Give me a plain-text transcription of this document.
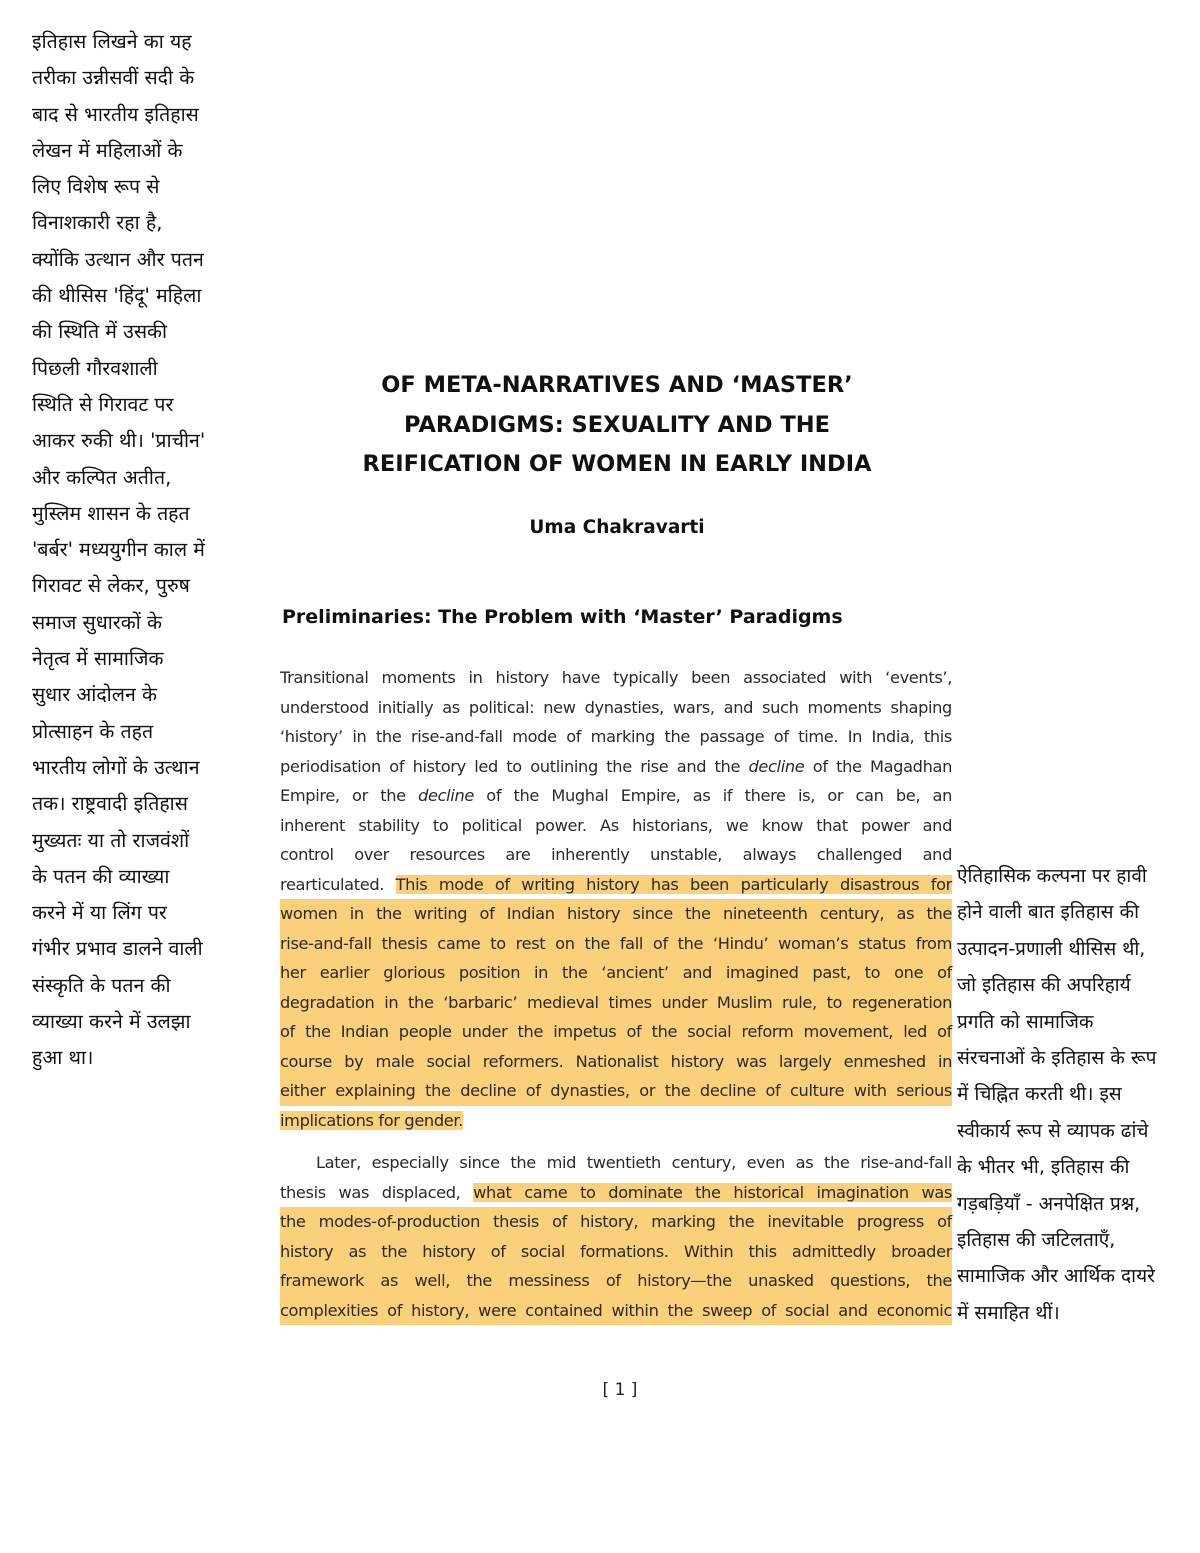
इतिहास लिखने का यह
तरीका उन्नीसवीं सदी के
बाद से भारतीय इतिहास
लेखन में महिलाओं के
लिए विशेष रूप से
विनाशकारी रहा है,
क्योंकि उत्थान और पतन
की थीसिस 'हिंदू' महिला
की स्थिति में उसकी
पिछली गौरवशाली
स्थिति से गिरावट पर
आकर रुकी थी। 'प्राचीन'
और कल्पित अतीत,
मुस्लिम शासन के तहत
'बर्बर' मध्ययुगीन काल में
गिरावट से लेकर, पुरुष
समाज सुधारकों के
नेतृत्व में सामाजिक
सुधार आंदोलन के
प्रोत्साहन के तहत
भारतीय लोगों के उत्थान
तक। राष्ट्रवादी इतिहास
मुख्यतः या तो राजवंशों
के पतन की व्याख्या
करने में या लिंग पर
गंभीर प्रभाव डालने वाली
संस्कृति के पतन की
व्याख्या करने में उलझा
हुआ था।
OF META-NARRATIVES AND ‘MASTER’
PARADIGMS: SEXUALITY AND THE
REIFICATION OF WOMEN IN EARLY INDIA
Uma Chakravarti
Preliminaries: The Problem with ‘Master’ Paradigms
Transitional moments in history have typically been associated with ‘events’,
understood initially as political: new dynasties, wars, and such moments shaping
‘history’ in the rise-and-fall mode of marking the passage of time. In India, this
periodisation of history led to outlining the rise and the decline of the Magadhan
Empire, or the decline of the Mughal Empire, as if there is, or can be, an
inherent stability to political power. As historians, we know that power and
control over resources are inherently unstable, always challenged and
rearticulated. This mode of writing history has been particularly disastrous for
women in the writing of Indian history since the nineteenth century, as the
rise-and-fall thesis came to rest on the fall of the ‘Hindu’ woman’s status from
her earlier glorious position in the ‘ancient’ and imagined past, to one of
degradation in the ‘barbaric’ medieval times under Muslim rule, to regeneration
of the Indian people under the impetus of the social reform movement, led of
course by male social reformers. Nationalist history was largely enmeshed in
either explaining the decline of dynasties, or the decline of culture with serious
implications for gender.
Later, especially since the mid twentieth century, even as the rise-and-fall
thesis was displaced, what came to dominate the historical imagination was
the modes-of-production thesis of history, marking the inevitable progress of
history as the history of social formations. Within this admittedly broader
framework as well, the messiness of history—the unasked questions, the
complexities of history, were contained within the sweep of social and economic
ऐतिहासिक कल्पना पर हावी
होने वाली बात इतिहास की
उत्पादन-प्रणाली थीसिस थी,
जो इतिहास की अपरिहार्य
प्रगति को सामाजिक
संरचनाओं के इतिहास के रूप
में चिह्नित करती थी। इस
स्वीकार्य रूप से व्यापक ढांचे
के भीतर भी, इतिहास की
गड़बड़ियाँ - अनपेक्षित प्रश्न,
इतिहास की जटिलताएँ,
सामाजिक और आर्थिक दायरे
में समाहित थीं।
[ 1 ]
